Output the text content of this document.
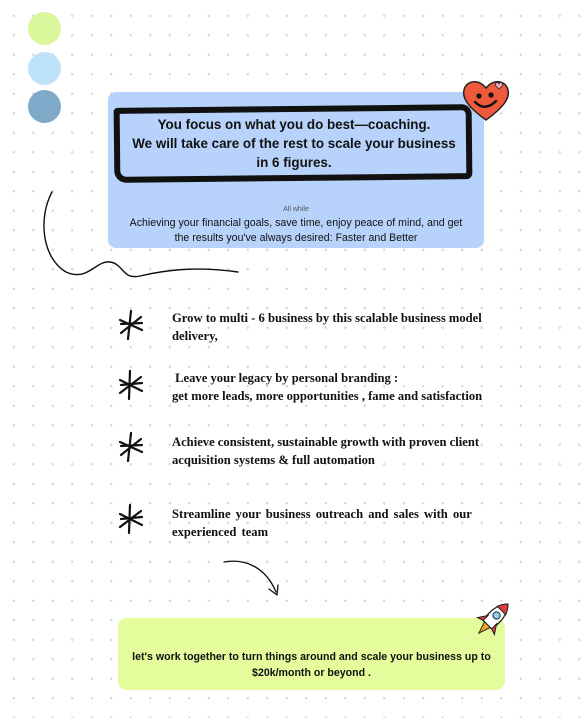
You focus on what you do best—coaching.
We will take care of the rest to scale your business
in 6 figures.
All while
Achieving your financial goals, save time, enjoy peace of mind, and get
the results you've always desired: Faster and Better
Grow to multi - 6 business by this scalable business model
delivery,
Leave your legacy by personal branding :
get more leads, more opportunities , fame and satisfaction
Achieve consistent, sustainable growth with proven client
acquisition systems & full automation
Streamline your business outreach and sales with our
experienced team
let's work together to turn things around and scale your business up to
$20k/month or beyond .
